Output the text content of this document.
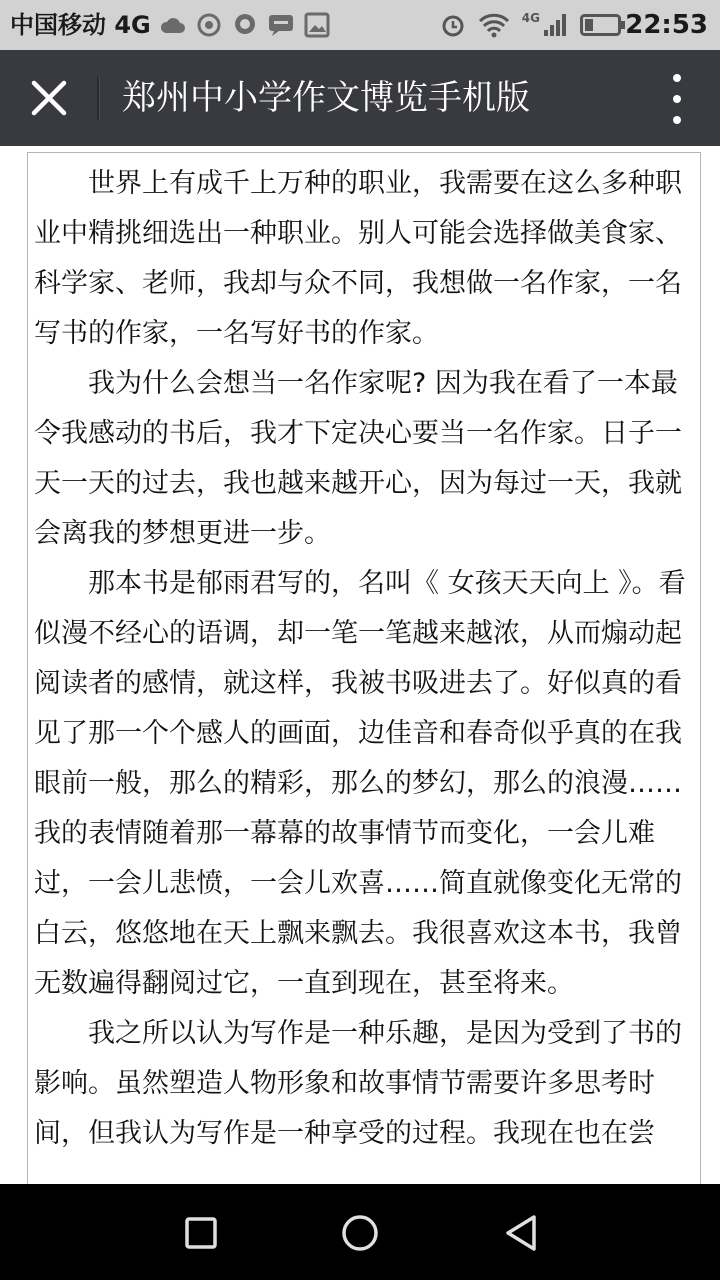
中国移动 4G	4G	22:53
郑州中小学作文博览手机版

世界上有成千上万种的职业，我需要在这么多种职业中精挑细选出一种职业。别人可能会选择做美食家、科学家、老师，我却与众不同，我想做一名作家，一名写书的作家，一名写好书的作家。

我为什么会想当一名作家呢? 因为我在看了一本最令我感动的书后，我才下定决心要当一名作家。日子一天一天的过去，我也越来越开心，因为每过一天，我就会离我的梦想更进一步。

那本书是郁雨君写的，名叫《 女孩天天向上 》。看似漫不经心的语调，却一笔一笔越来越浓，从而煽动起阅读者的感情，就这样，我被书吸进去了。好似真的看见了那一个个感人的画面，边佳音和春奇似乎真的在我眼前一般，那么的精彩，那么的梦幻，那么的浪漫……我的表情随着那一幕幕的故事情节而变化，一会儿难过，一会儿悲愤，一会儿欢喜……简直就像变化无常的白云，悠悠地在天上飘来飘去。我很喜欢这本书，我曾无数遍得翻阅过它，一直到现在，甚至将来。

我之所以认为写作是一种乐趣，是因为受到了书的影响。虽然塑造人物形象和故事情节需要许多思考时间，但我认为写作是一种享受的过程。我现在也在尝
